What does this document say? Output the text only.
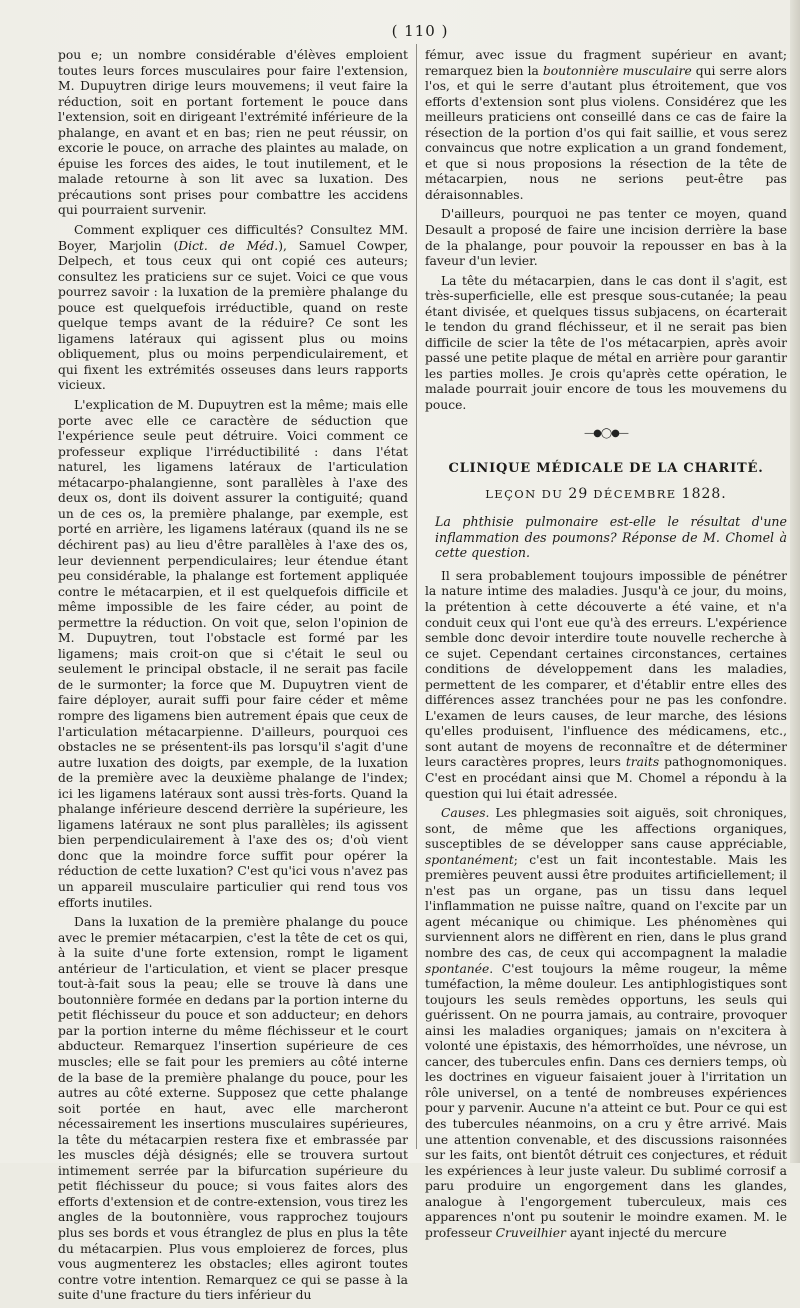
( 110 )

pou e; un nombre considérable d'élèves emploient toutes leurs forces musculaires pour faire l'extension, M. Dupuytren dirige leurs mouvemens; il veut faire la réduction, soit en portant fortement le pouce dans l'extension, soit en dirigeant l'extrémité inférieure de la phalange, en avant et en bas; rien ne peut réussir, on excorie le pouce, on arrache des plaintes au malade, on épuise les forces des aides, le tout inutilement, et le malade retourne à son lit avec sa luxation. Des précautions sont prises pour combattre les accidens qui pourraient survenir.

Comment expliquer ces difficultés? Consultez MM. Boyer, Marjolin (Dict. de Méd.), Samuel Cowper, Delpech, et tous ceux qui ont copié ces auteurs; consultez les praticiens sur ce sujet. Voici ce que vous pourrez savoir : la luxation de la première phalange du pouce est quelquefois irréductible, quand on reste quelque temps avant de la réduire? Ce sont les ligamens latéraux qui agissent plus ou moins obliquement, plus ou moins perpendiculairement, et qui fixent les extrémités osseuses dans leurs rapports vicieux.

L'explication de M. Dupuytren est la même; mais elle porte avec elle ce caractère de séduction que l'expérience seule peut détruire. Voici comment ce professeur explique l'irréductibilité : dans l'état naturel, les ligamens latéraux de l'articulation métacarpo-phalangienne, sont parallèles à l'axe des deux os, dont ils doivent assurer la contiguité; quand un de ces os, la première phalange, par exemple, est porté en arrière, les ligamens latéraux (quand ils ne se déchirent pas) au lieu d'être parallèles à l'axe des os, leur deviennent perpendiculaires; leur étendue étant peu considérable, la phalange est fortement appliquée contre le métacarpien, et il est quelquefois difficile et même impossible de les faire céder, au point de permettre la réduction. On voit que, selon l'opinion de M. Dupuytren, tout l'obstacle est formé par les ligamens; mais croit-on que si c'était le seul ou seulement le principal obstacle, il ne serait pas facile de le surmonter; la force que M. Dupuytren vient de faire déployer, aurait suffi pour faire céder et même rompre des ligamens bien autrement épais que ceux de l'articulation métacarpienne. D'ailleurs, pourquoi ces obstacles ne se présentent-ils pas lorsqu'il s'agit d'une autre luxation des doigts, par exemple, de la luxation de la première avec la deuxième phalange de l'index; ici les ligamens latéraux sont aussi très-forts. Quand la phalange inférieure descend derrière la supérieure, les ligamens latéraux ne sont plus parallèles; ils agissent bien perpendiculairement à l'axe des os; d'où vient donc que la moindre force suffit pour opérer la réduction de cette luxation? C'est qu'ici vous n'avez pas un appareil musculaire particulier qui rend tous vos efforts inutiles.

Dans la luxation de la première phalange du pouce avec le premier métacarpien, c'est la tête de cet os qui, à la suite d'une forte extension, rompt le ligament antérieur de l'articulation, et vient se placer presque tout-à-fait sous la peau; elle se trouve là dans une boutonnière formée en dedans par la portion interne du petit fléchisseur du pouce et son adducteur; en dehors par la portion interne du même fléchisseur et le court abducteur. Remarquez l'insertion supérieure de ces muscles; elle se fait pour les premiers au côté interne de la base de la première phalange du pouce, pour les autres au côté externe. Supposez que cette phalange soit portée en haut, avec elle marcheront nécessairement les insertions musculaires supérieures, la tête du métacarpien restera fixe et embrassée par les muscles déjà désignés; elle se trouvera surtout intimement serrée par la bifurcation supérieure du petit fléchisseur du pouce; si vous faites alors des efforts d'extension et de contre-extension, vous tirez les angles de la boutonnière, vous rapprochez toujours plus ses bords et vous étranglez de plus en plus la tête du métacarpien. Plus vous emploierez de forces, plus vous augmenterez les obstacles; elles agiront toutes contre votre intention. Remarquez ce qui se passe à la suite d'une fracture du tiers inférieur du

fémur, avec issue du fragment supérieur en avant; remarquez bien la boutonnière musculaire qui serre alors l'os, et qui le serre d'autant plus étroitement, que vos efforts d'extension sont plus violens. Considérez que les meilleurs praticiens ont conseillé dans ce cas de faire la résection de la portion d'os qui fait saillie, et vous serez convaincus que notre explication a un grand fondement, et que si nous proposions la résection de la tête de métacarpien, nous ne serions peut-être pas déraisonnables.

D'ailleurs, pourquoi ne pas tenter ce moyen, quand Desault a proposé de faire une incision derrière la base de la phalange, pour pouvoir la repousser en bas à la faveur d'un levier.

La tête du métacarpien, dans le cas dont il s'agit, est très-superficielle, elle est presque sous-cutanée; la peau étant divisée, et quelques tissus subjacens, on écarterait le tendon du grand fléchisseur, et il ne serait pas bien difficile de scier la tête de l'os métacarpien, après avoir passé une petite plaque de métal en arrière pour garantir les parties molles. Je crois qu'après cette opération, le malade pourrait jouir encore de tous les mouvemens du pouce.

—●◯●—
CLINIQUE MÉDICALE DE LA CHARITÉ.
LEÇON DU 29 DÉCEMBRE 1828.

La phthisie pulmonaire est-elle le résultat d'une inflammation des poumons? Réponse de M. Chomel à cette question.

Il sera probablement toujours impossible de pénétrer la nature intime des maladies. Jusqu'à ce jour, du moins, la prétention à cette découverte a été vaine, et n'a conduit ceux qui l'ont eue qu'à des erreurs. L'expérience semble donc devoir interdire toute nouvelle recherche à ce sujet. Cependant certaines circonstances, certaines conditions de développement dans les maladies, permettent de les comparer, et d'établir entre elles des différences assez tranchées pour ne pas les confondre. L'examen de leurs causes, de leur marche, des lésions qu'elles produisent, l'influence des médicamens, etc., sont autant de moyens de reconnaître et de déterminer leurs caractères propres, leurs traits pathognomoniques. C'est en procédant ainsi que M. Chomel a répondu à la question qui lui était adressée.

Causes. Les phlegmasies soit aiguës, soit chroniques, sont, de même que les affections organiques, susceptibles de se développer sans cause appréciable, spontanément; c'est un fait incontestable. Mais les premières peuvent aussi être produites artificiellement; il n'est pas un organe, pas un tissu dans lequel l'inflammation ne puisse naître, quand on l'excite par un agent mécanique ou chimique. Les phénomènes qui surviennent alors ne diffèrent en rien, dans le plus grand nombre des cas, de ceux qui accompagnent la maladie spontanée. C'est toujours la même rougeur, la même tuméfaction, la même douleur. Les antiphlogistiques sont toujours les seuls remèdes opportuns, les seuls qui guérissent. On ne pourra jamais, au contraire, provoquer ainsi les maladies organiques; jamais on n'excitera à volonté une épistaxis, des hémorrhoïdes, une névrose, un cancer, des tubercules enfin. Dans ces derniers temps, où les doctrines en vigueur faisaient jouer à l'irritation un rôle universel, on a tenté de nombreuses expériences pour y parvenir. Aucune n'a atteint ce but. Pour ce qui est des tubercules néanmoins, on a cru y être arrivé. Mais une attention convenable, et des discussions raisonnées sur les faits, ont bientôt détruit ces conjectures, et réduit les expériences à leur juste valeur. Du sublimé corrosif a paru produire un engorgement dans les glandes, analogue à l'engorgement tuberculeux, mais ces apparences n'ont pu soutenir le moindre examen. M. le professeur Cruveilhier ayant injecté du mercure
